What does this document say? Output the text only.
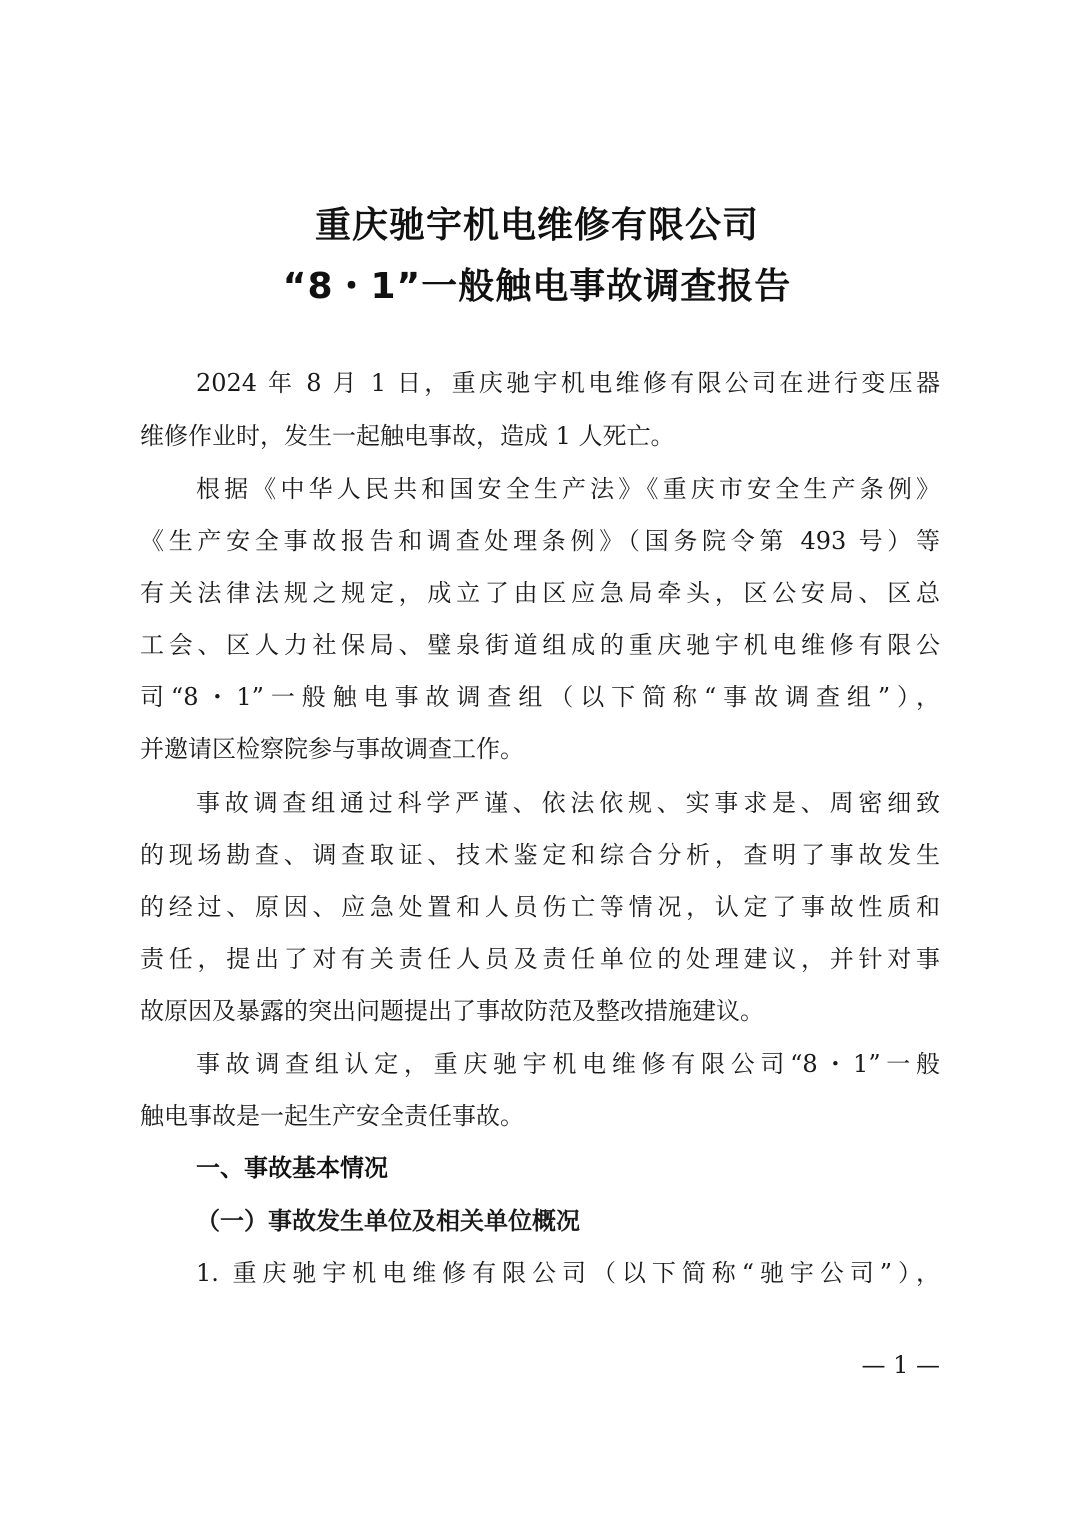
重庆驰宇机电维修有限公司
“8・1”一般触电事故调查报告

2024 年 8 月 1 日，重庆驰宇机电维修有限公司在进行变压器

维修作业时，发生一起触电事故，造成 1 人死亡。

根据《中华人民共和国安全生产法》《重庆市安全生产条例》

《生产安全事故报告和调查处理条例》（国务院令第 493 号）等

有关法律法规之规定，成立了由区应急局牵头，区公安局、区总

工会、区人力社保局、璧泉街道组成的重庆驰宇机电维修有限公

司“8・1”一般触电事故调查组（以下简称“事故调查组”），

并邀请区检察院参与事故调查工作。

事故调查组通过科学严谨、依法依规、实事求是、周密细致

的现场勘查、调查取证、技术鉴定和综合分析，查明了事故发生

的经过、原因、应急处置和人员伤亡等情况，认定了事故性质和

责任，提出了对有关责任人员及责任单位的处理建议，并针对事

故原因及暴露的突出问题提出了事故防范及整改措施建议。

事故调查组认定，重庆驰宇机电维修有限公司“8・1”一般

触电事故是一起生产安全责任事故。

一、事故基本情况
（一）事故发生单位及相关单位概况

1. 重庆驰宇机电维修有限公司（以下简称“驰宇公司”），

— 1 —
